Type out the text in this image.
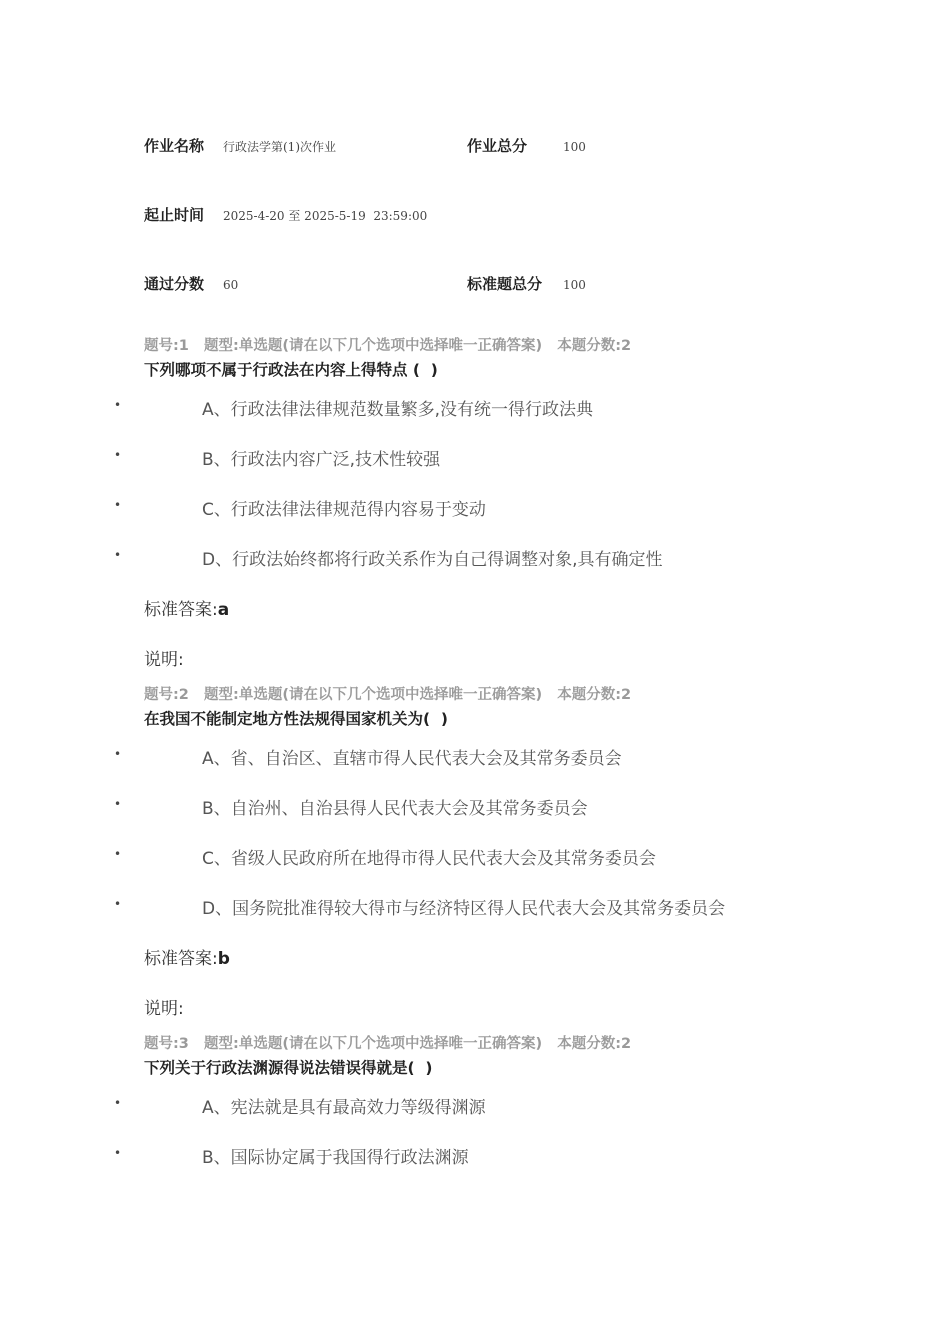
作业名称 行政法学第(1)次作业	作业总分	100
起止时间 2025-4-20 至 2025-5-19  23:59:00
通过分数 60	标准题总分 100
题号:1   题型:单选题(请在以下几个选项中选择唯一正确答案)   本题分数:2
下列哪项不属于行政法在内容上得特点 (  )
•	A、行政法律法律规范数量繁多,没有统一得行政法典
•	B、行政法内容广泛,技术性较强
•	C、行政法律法律规范得内容易于变动
•	D、行政法始终都将行政关系作为自己得调整对象,具有确定性
标准答案:a
说明:
题号:2   题型:单选题(请在以下几个选项中选择唯一正确答案)   本题分数:2
在我国不能制定地方性法规得国家机关为(  )
•	A、省、自治区、直辖市得人民代表大会及其常务委员会
•	B、自治州、自治县得人民代表大会及其常务委员会
•	C、省级人民政府所在地得市得人民代表大会及其常务委员会
•	D、国务院批准得较大得市与经济特区得人民代表大会及其常务委员会
标准答案:b
说明:
题号:3   题型:单选题(请在以下几个选项中选择唯一正确答案)   本题分数:2
下列关于行政法渊源得说法错误得就是(  )
•	A、宪法就是具有最高效力等级得渊源
•	B、国际协定属于我国得行政法渊源
